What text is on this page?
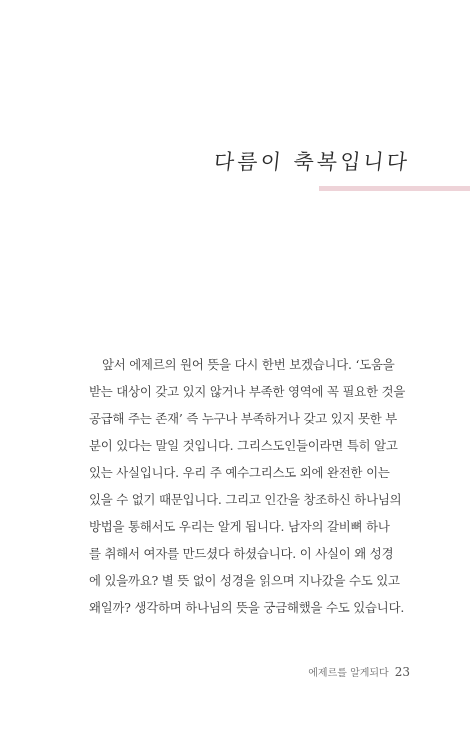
다름이 축복입니다
앞서 에제르의 원어 뜻을 다시 한번 보겠습니다. ‘도움을
받는 대상이 갖고 있지 않거나 부족한 영역에 꼭 필요한 것을
공급해 주는 존재’ 즉 누구나 부족하거나 갖고 있지 못한 부
분이 있다는 말일 것입니다. 그리스도인들이라면 특히 알고
있는 사실입니다. 우리 주 예수그리스도 외에 완전한 이는
있을 수 없기 때문입니다. 그리고 인간을 창조하신 하나님의
방법을 통해서도 우리는 알게 됩니다. 남자의 갈비뼈 하나
를 취해서 여자를 만드셨다 하셨습니다. 이 사실이 왜 성경
에 있을까요? 별 뜻 없이 성경을 읽으며 지나갔을 수도 있고
왜일까? 생각하며 하나님의 뜻을 궁금해했을 수도 있습니다.
에제르를 알게되다 23
